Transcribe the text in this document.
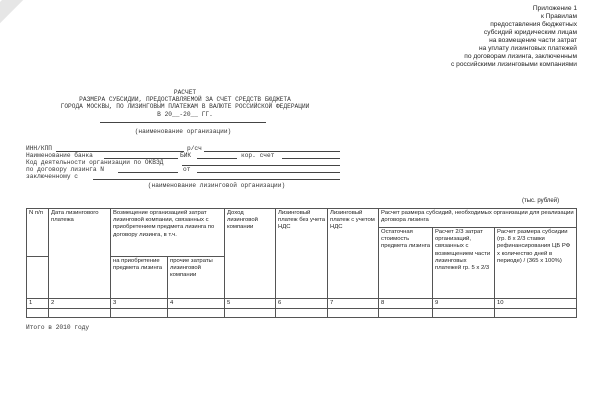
Приложение 1
к Правилам
предоставления бюджетных
субсидий юридическим лицам
на возмещение части затрат
на уплату лизинговых платежей
по договорам лизинга, заключенным
с российскими лизинговыми компаниями
РАСЧЕТ
РАЗМЕРА СУБСИДИИ, ПРЕДОСТАВЛЯЕМОЙ ЗА СЧЕТ СРЕДСТВ БЮДЖЕТА
ГОРОДА МОСКВЫ, ПО ЛИЗИНГОВЫМ ПЛАТЕЖАМ В ВАЛЮТЕ РОССИЙСКОЙ ФЕДЕРАЦИИ
В 20__-20__ ГГ.
(наименование организации)
ИНН/КПП	р/сч
Наименование банка	БИК	кор. счет
Код деятельности организации по ОКВЭД
по договору лизинга N	от
заключенному с
(наименование лизинговой организации)
(тыс. рублей)
N п/п	Дата лизингового платежа	Возмещение организацией затрат лизинговой компании, связанных с приобретением предмета лизинга по договору лизинга, в т.ч.		Доход лизинговой компании	Лизинговый платеж без учета НДС	Лизинговый платеж с учетом НДС	Расчет размера субсидий, необходимых организации для реализации договора лизинга		
							Остаточная стоимость предмета лизинга	Расчет 2/3 затрат организаций, связанных с возмещением части лизинговых платежей гр. 5 x 2/3	Расчет размера субсидии (гр. 8 x 2/3 ставки рефинансирования ЦБ РФ x количество дней в периоде) / (365 x 100%)
		на приобретение предмета лизинга	прочие затраты лизинговой компании						
1	2	3	4	5	6	7	8	9	10

Итого в 2010 году
